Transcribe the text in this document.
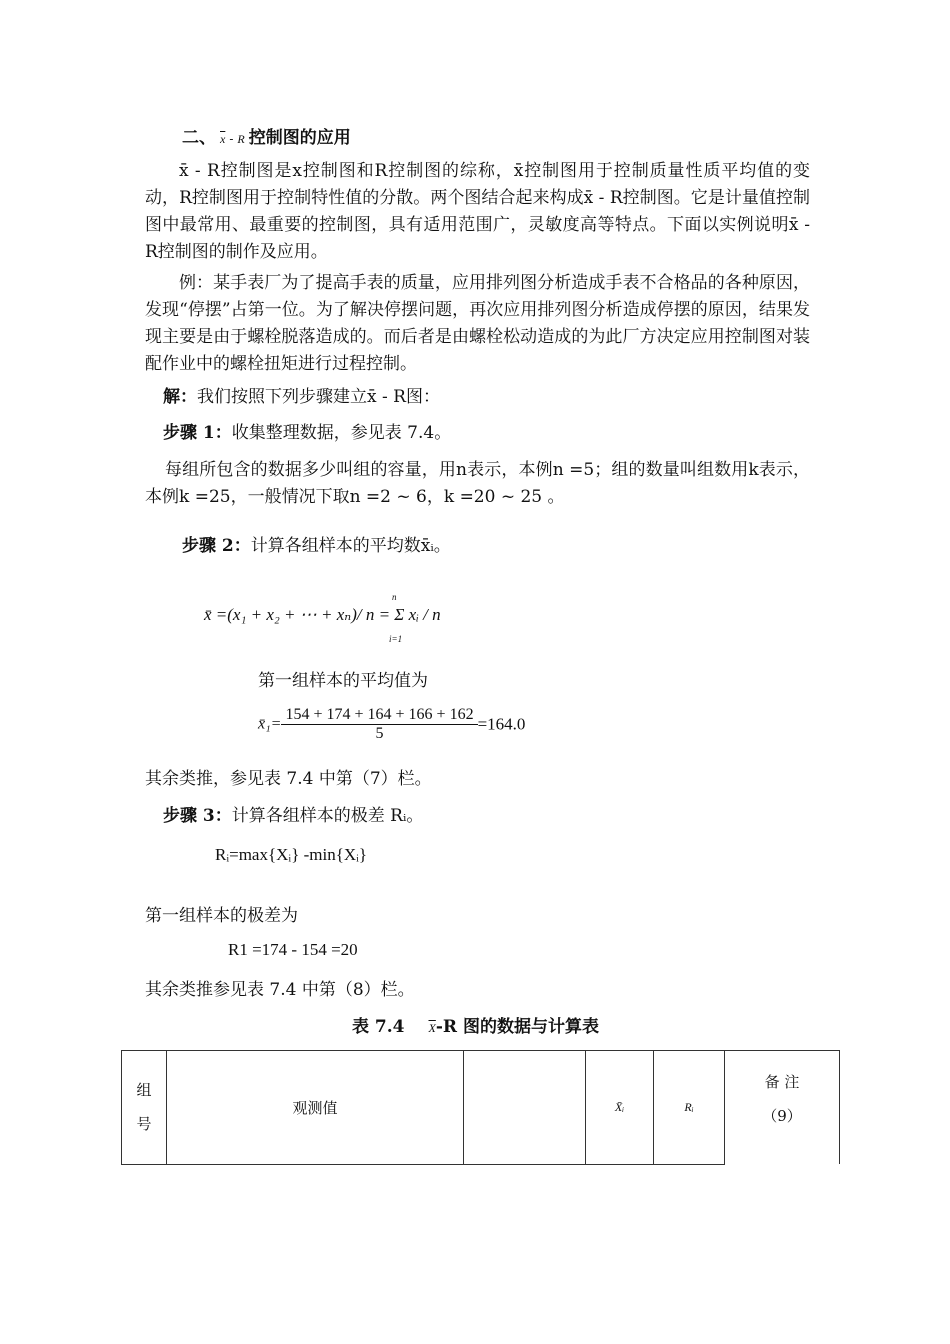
二、 $\overline{x}$ - R 控制图的应用
x̄ - R控制图是x控制图和R控制图的综称，x̄控制图用于控制质量性质平均值的变动，R控制图用于控制特性值的分散。两个图结合起来构成x̄ - R控制图。它是计量值控制图中最常用、最重要的控制图，具有适用范围广，灵敏度高等特点。下面以实例说明x̄ - R控制图的制作及应用。
例：某手表厂为了提高手表的质量，应用排列图分析造成手表不合格品的各种原因，发现“停摆”占第一位。为了解决停摆问题，再次应用排列图分析造成停摆的原因，结果发现主要是由于螺栓脱落造成的。而后者是由螺栓松动造成的为此厂方决定应用控制图对装配作业中的螺栓扭矩进行过程控制。
解：我们按照下列步骤建立x̄ - R图：
步骤 1：收集整理数据，参见表 7.4。
每组所包含的数据多少叫组的容量，用n表示，本例n =5；组的数量叫组数用k表示，本例k =25，一般情况下取n =2 ~ 6，k =20 ~ 25 。
步骤 2：计算各组样本的平均数x̄ᵢ。
x̄ =(x₁ + x₂ + ⋯ + xₙ)/ n = Σ xᵢ / n
n
i=1
第一组样本的平均值为
x̄₁= $\frac{154 + 174 + 164 + 166 + 162}{5} =164.0$
其余类推，参见表 7.4 中第（7）栏。
步骤 3：计算各组样本的极差 Rᵢ。
Rᵢ=max{Xᵢ} -min{Xᵢ}
第一组样本的极差为
R1 =174 - 154 =20
其余类推参见表 7.4 中第（8）栏。
表 7.4 $\overline{X}-R$ 图的数据与计算表
组
号	观测值		X̄ᵢ	Rᵢ	备 注
（9）
